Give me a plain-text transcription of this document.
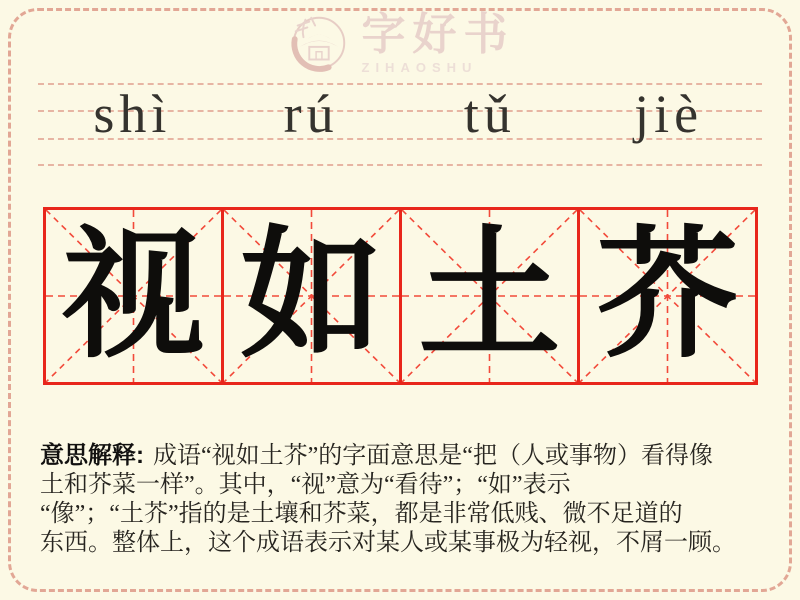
字好书
ZIHAOSHU
shì	rú	tǔ	jiè
视 如 土 芥
意思解释: 成语“视如土芥”的字面意思是“把（人或事物）看得像
土和芥菜一样”。其中，“视”意为“看待”；“如”表示
“像”；“土芥”指的是土壤和芥菜，都是非常低贱、微不足道的
东西。整体上，这个成语表示对某人或某事极为轻视，不屑一顾。
